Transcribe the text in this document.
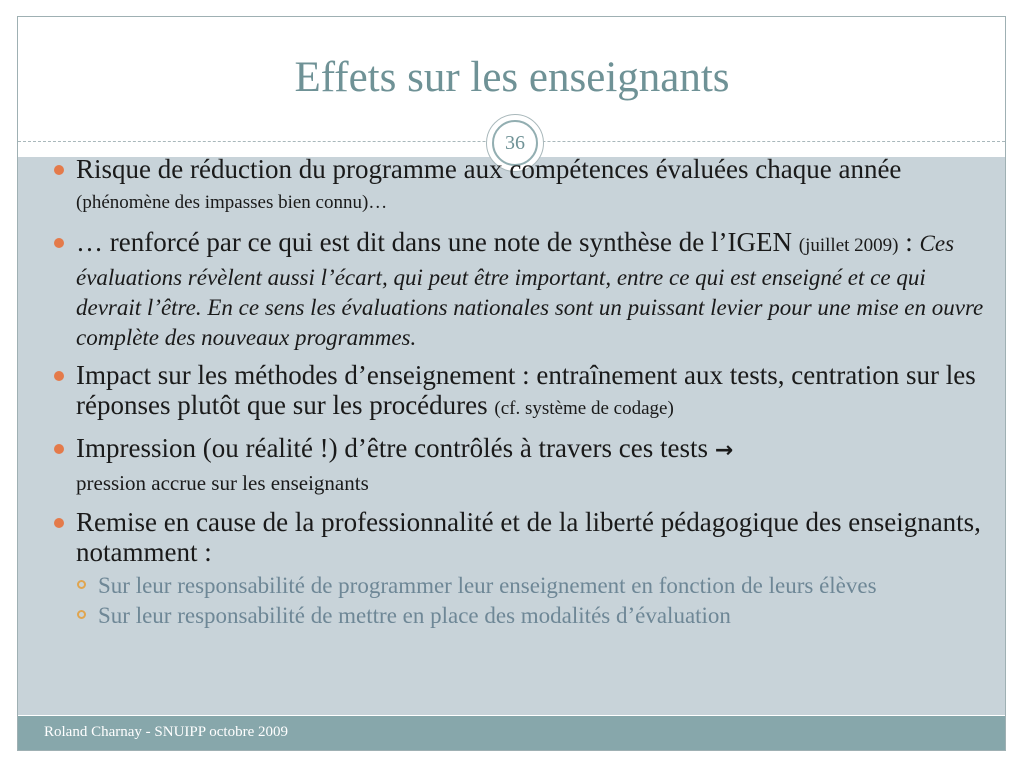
Effets sur les enseignants
36
Risque de réduction du programme aux compétences évaluées chaque année (phénomène des impasses bien connu)…
… renforcé par ce qui est dit dans une note de synthèse de l’IGEN (juillet 2009) : Ces évaluations révèlent aussi l’écart, qui peut être important, entre ce qui est enseigné et ce qui devrait l’être. En ce sens les évaluations nationales sont un puissant levier pour une mise en ouvre complète des nouveaux programmes.
Impact sur les méthodes d’enseignement : entraînement aux tests, centration sur les réponses plutôt que sur les procédures (cf. système de codage)
Impression (ou réalité !) d’être contrôlés à travers ces tests →
pression accrue sur les enseignants
Remise en cause de la professionnalité et de la liberté pédagogique des enseignants, notamment :
Sur leur responsabilité de programmer leur enseignement en fonction de leurs élèves
Sur leur responsabilité de mettre en place des modalités d’évaluation
Roland Charnay - SNUIPP octobre 2009
